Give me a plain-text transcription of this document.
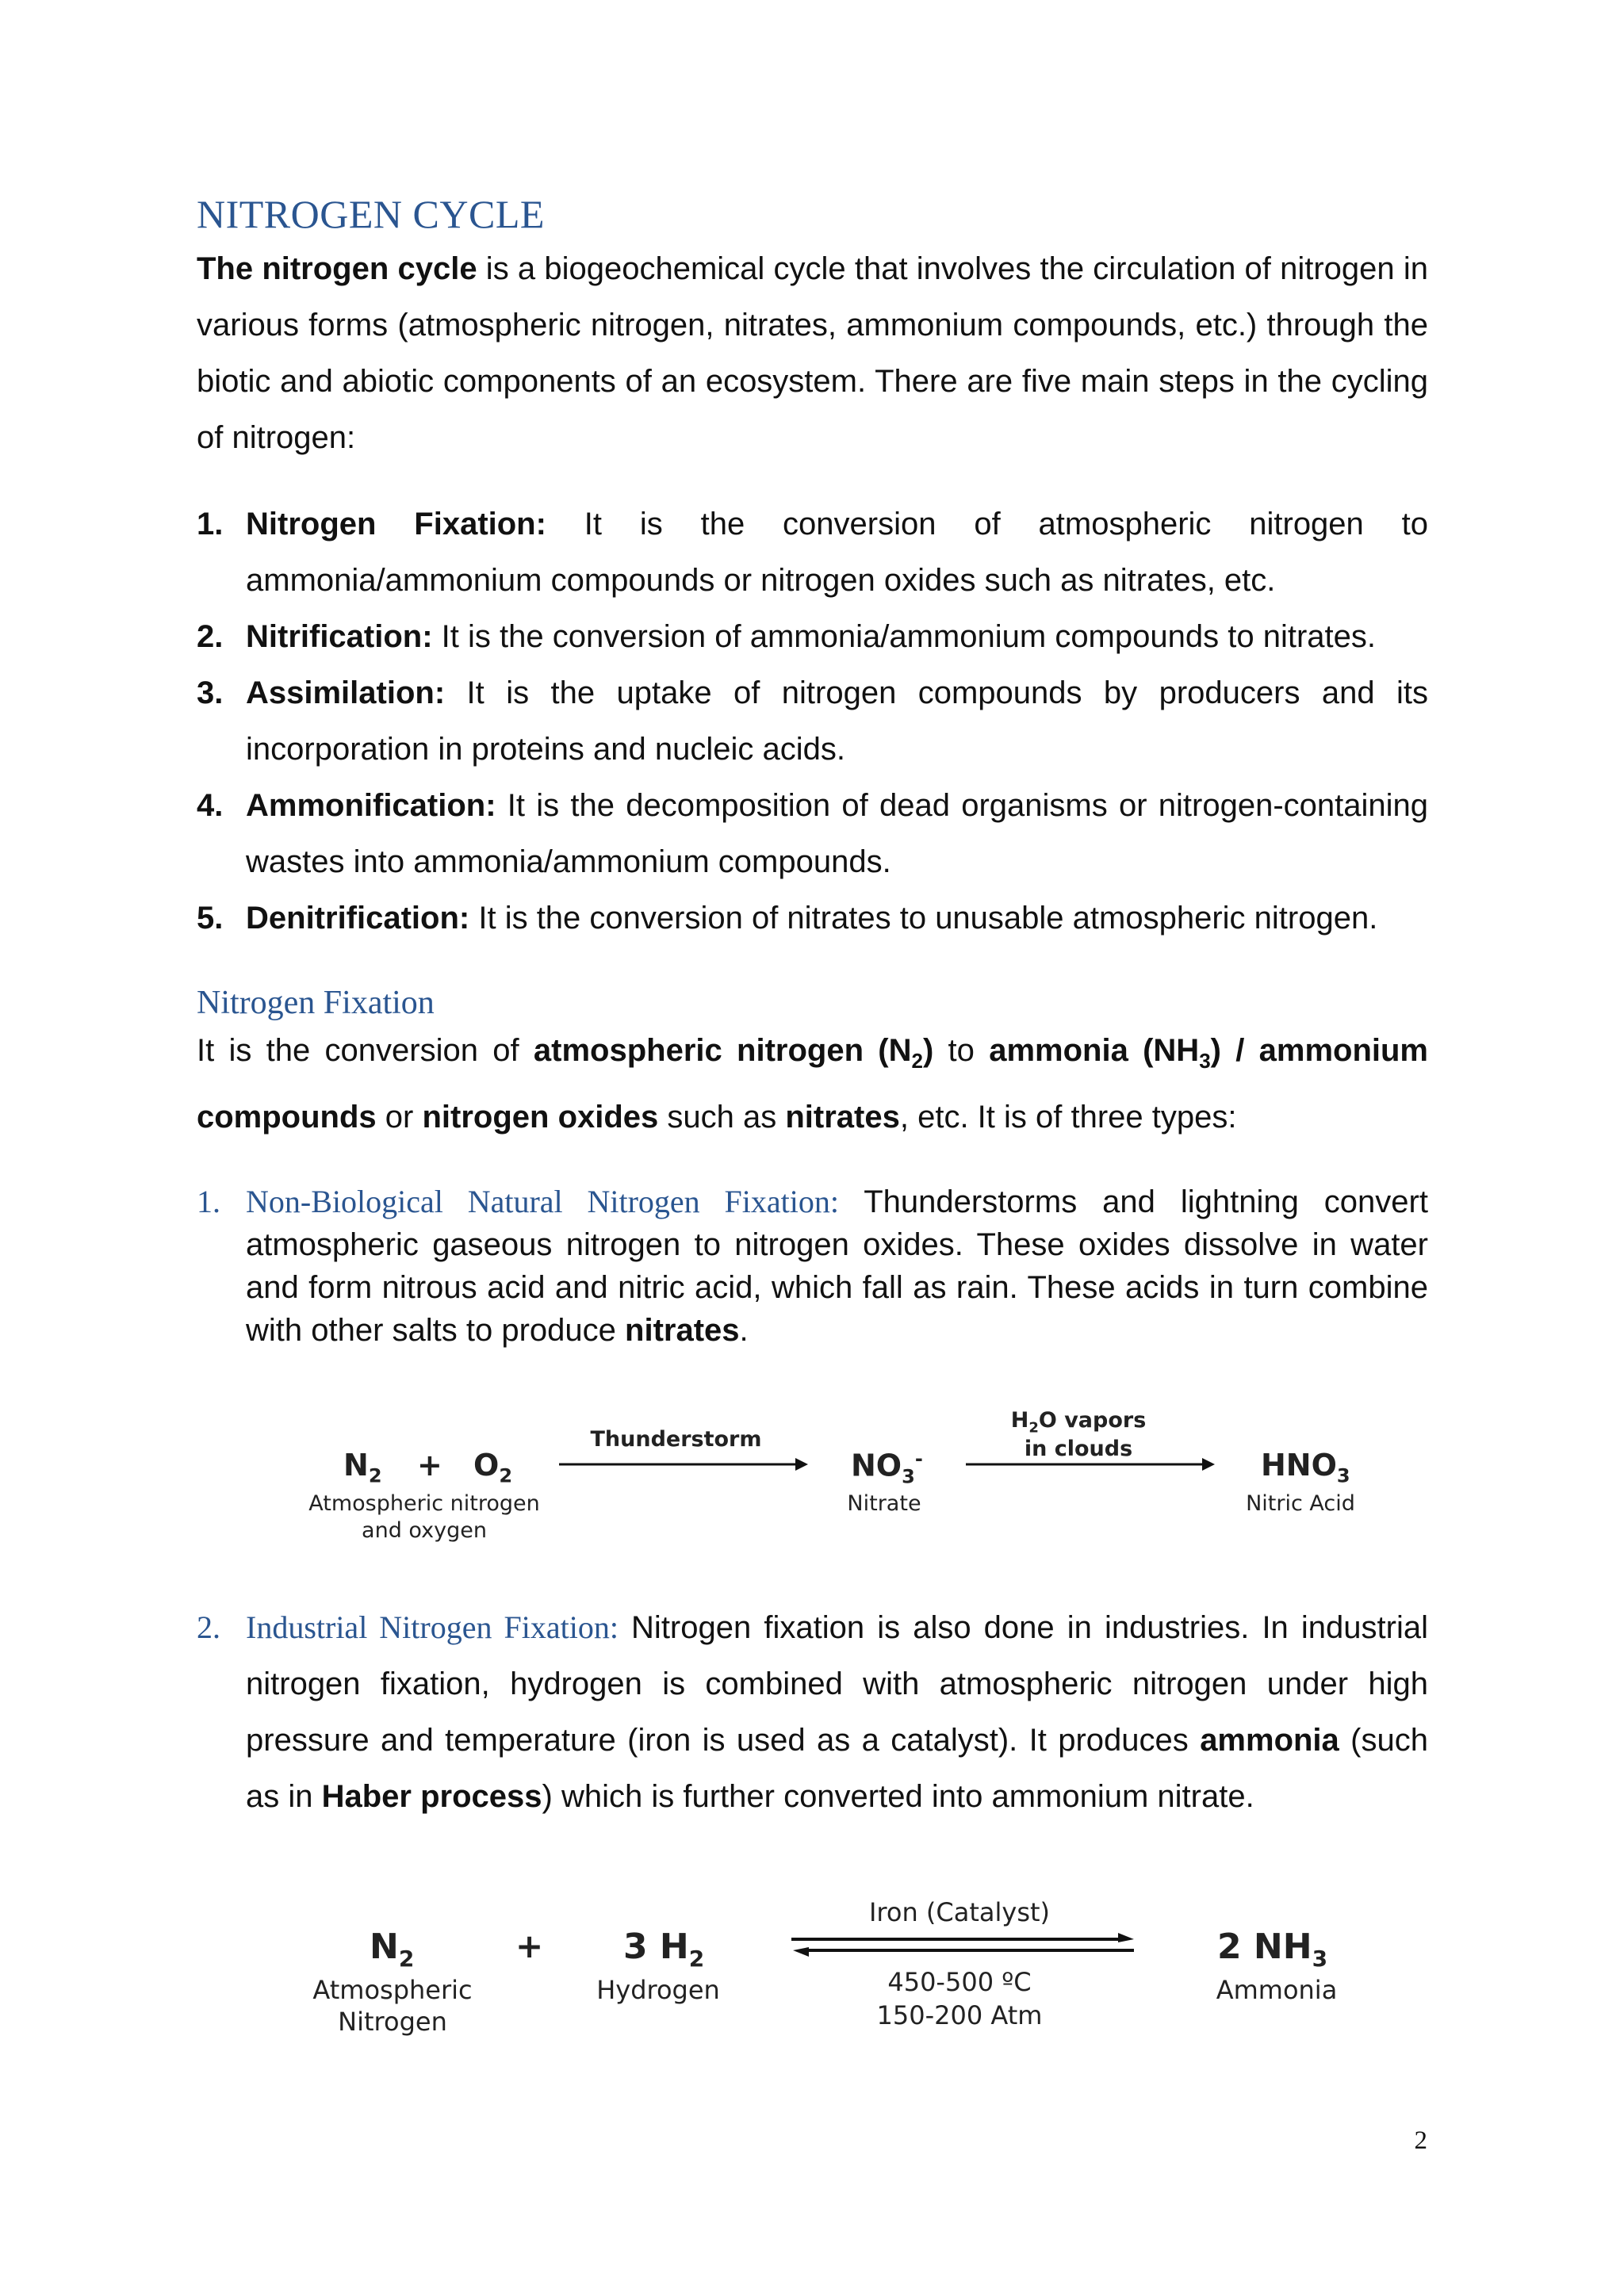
NITROGEN CYCLE

The nitrogen cycle is a biogeochemical cycle that involves the circulation of nitrogen in various forms (atmospheric nitrogen, nitrates, ammonium compounds, etc.) through the biotic and abiotic components of an ecosystem. There are five main steps in the cycling of nitrogen:

1. Nitrogen Fixation: It is the conversion of atmospheric nitrogen to ammonia/ammonium compounds or nitrogen oxides such as nitrates, etc.
2. Nitrification: It is the conversion of ammonia/ammonium compounds to nitrates.
3. Assimilation: It is the uptake of nitrogen compounds by producers and its incorporation in proteins and nucleic acids.
4. Ammonification: It is the decomposition of dead organisms or nitrogen-containing wastes into ammonia/ammonium compounds.
5. Denitrification: It is the conversion of nitrates to unusable atmospheric nitrogen.
Nitrogen Fixation

It is the conversion of atmospheric nitrogen $(N_2)$ to ammonia $(NH_3)$ / ammonium compounds or nitrogen oxides such as nitrates, etc. It is of three types:

1. Non-Biological Natural Nitrogen Fixation: Thunderstorms and lightning convert atmospheric gaseous nitrogen to nitrogen oxides. These oxides dissolve in water and form nitrous acid and nitric acid, which fall as rain. These acids in turn combine with other salts to produce nitrates.
$N_2 + O_2$
Atmospheric nitrogen
and oxygen
Thunderstorm
$NO_3^-$
Nitrate
$H_2O$ vapors
in clouds	$HNO_3$
Nitric Acid
2. Industrial Nitrogen Fixation: Nitrogen fixation is also done in industries. In industrial nitrogen fixation, hydrogen is combined with atmospheric nitrogen under high pressure and temperature (iron is used as a catalyst). It produces ammonia (such as in Haber process) which is further converted into ammonium nitrate.
$N_2$	+ 3 $H_2$
Atmospheric
Nitrogen
Hydrogen
Iron (Catalyst)
450-500 ºC
150-200 Atm
2 $NH_3$
Ammonia
2
